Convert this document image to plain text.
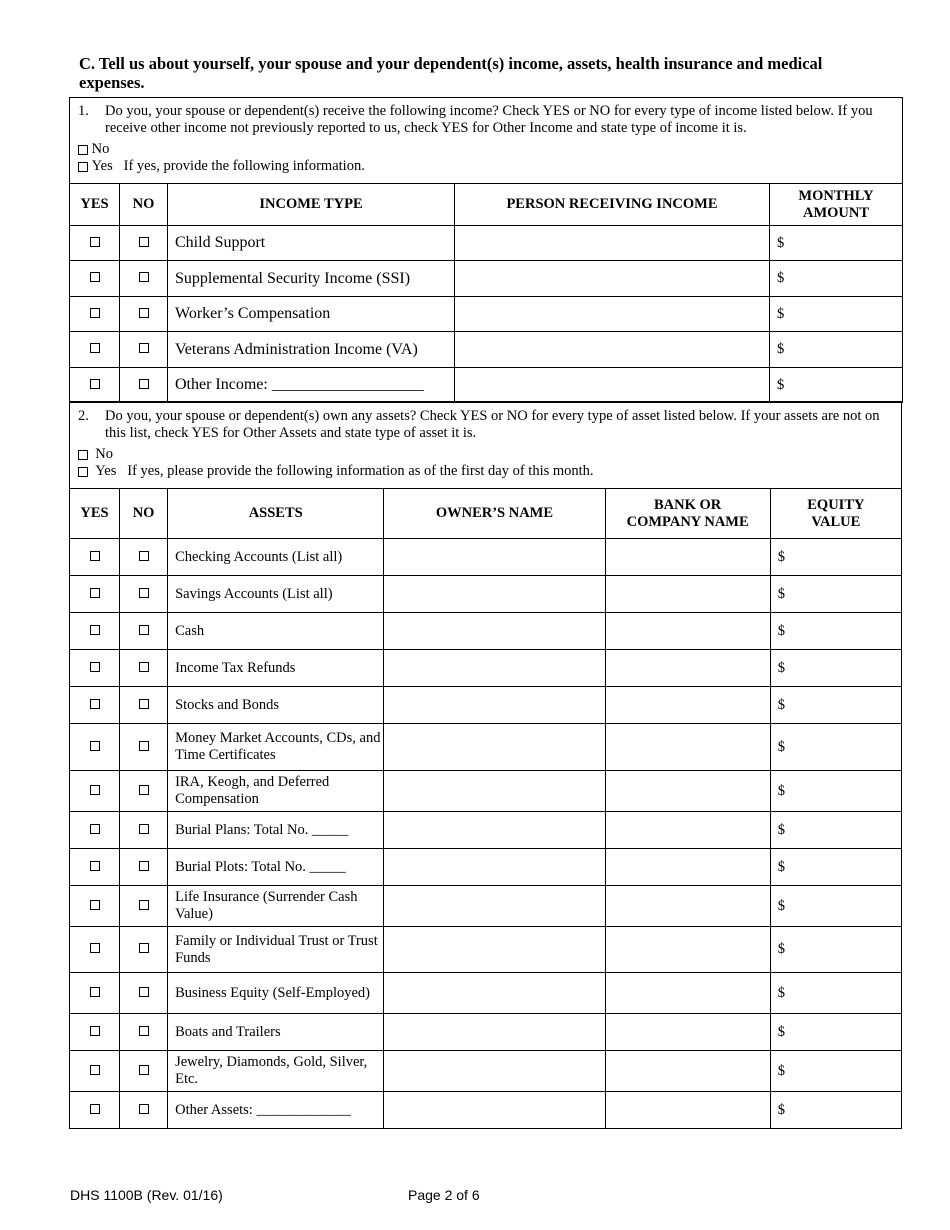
C. Tell us about yourself, your spouse and your dependent(s) income, assets, health insurance and medical expenses.
1. Do you, your spouse or dependent(s) receive the following income? Check YES or NO for every type of income listed below. If you receive other income not previously reported to us, check YES for Other Income and state type of income it is.

No

Yes
If yes, provide the following information.				

YES	NO	INCOME TYPE	PERSON RECEIVING INCOME	MONTHLY AMOUNT
		Child Support		$
		Supplemental Security Income (SSI)		$
		Worker’s Compensation		$
		Veterans Administration Income (VA)		$
		Other Income: ___________________		$
2. Do you, your spouse or dependent(s) own any assets? Check YES or NO for every type of asset listed below. If your assets are not on this list, check YES for Other Assets and state type of asset it is.

No

Yes
If yes, please provide the following information as of the first day of this month.					

YES	NO	ASSETS	OWNER’S NAME	BANK OR COMPANY NAME	EQUITY VALUE
		Checking Accounts (List all)			$
		Savings Accounts (List all)			$
		Cash			$
		Income Tax Refunds			$
		Stocks and Bonds			$
		Money Market Accounts, CDs, and Time Certificates			$
		IRA, Keogh, and Deferred Compensation			$
		Burial Plans: Total No. _____			$
		Burial Plots: Total No. _____			$
		Life Insurance (Surrender Cash Value)			$
		Family or Individual Trust or Trust Funds			$
		Business Equity (Self-Employed)			$
		Boats and Trailers			$
		Jewelry, Diamonds, Gold, Silver, Etc.			$
		Other Assets: _____________			$
DHS 1100B (Rev. 01/16)	Page 2 of 6
